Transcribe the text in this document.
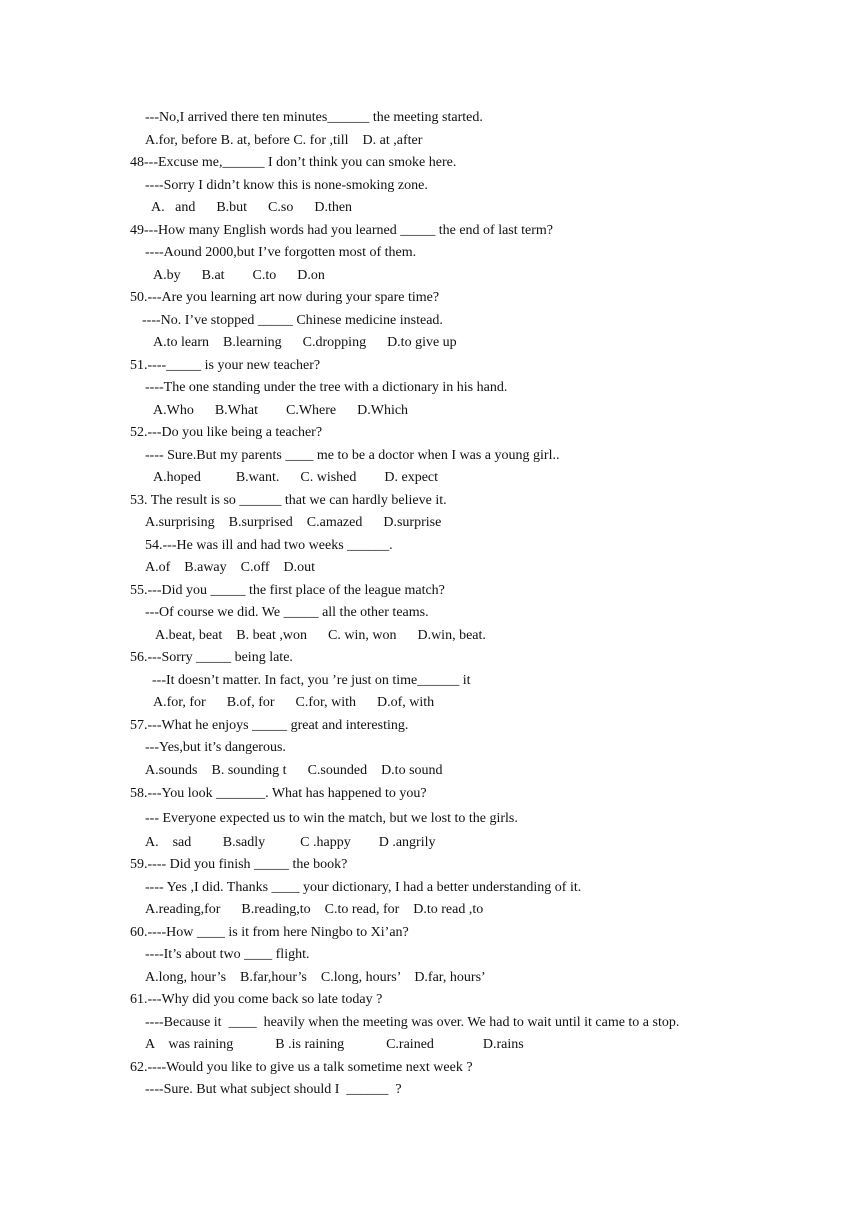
---No,I arrived there ten minutes______ the meeting started.
A.for, before B. at, before C. for ,till    D. at ,after
48---Excuse me,______ I don’t think you can smoke here.
----Sorry I didn’t know this is none-smoking zone.
A.   and      B.but      C.so      D.then
49---How many English words had you learned _____ the end of last term?
----Aound 2000,but I’ve forgotten most of them.
A.by      B.at        C.to      D.on
50.---Are you learning art now during your spare time?
----No. I’ve stopped _____ Chinese medicine instead.
A.to learn    B.learning      C.dropping      D.to give up
51.----_____ is your new teacher?
----The one standing under the tree with a dictionary in his hand.
A.Who      B.What        C.Where      D.Which
52.---Do you like being a teacher?
---- Sure.But my parents ____ me to be a doctor when I was a young girl..
A.hoped          B.want.      C. wished        D. expect
53. The result is so ______ that we can hardly believe it.
A.surprising    B.surprised    C.amazed      D.surprise
54.---He was ill and had two weeks ______.
A.of    B.away    C.off    D.out
55.---Did you _____ the first place of the league match?
---Of course we did. We _____ all the other teams.
A.beat, beat    B. beat ,won      C. win, won      D.win, beat.
56.---Sorry _____ being late.
---It doesn’t matter. In fact, you ’re just on time______ it
A.for, for      B.of, for      C.for, with      D.of, with
57.---What he enjoys _____ great and interesting.
---Yes,but it’s dangerous.
A.sounds    B. sounding t      C.sounded    D.to sound
58.---You look _______. What has happened to you?
--- Everyone expected us to win the match, but we lost to the girls.
A.    sad         B.sadly          C .happy        D .angrily
59.---- Did you finish _____ the book?
---- Yes ,I did. Thanks ____ your dictionary, I had a better understanding of it.
A.reading,for      B.reading,to    C.to read, for    D.to read ,to
60.----How ____ is it from here Ningbo to Xi’an?
----It’s about two ____ flight.
A.long, hour’s    B.far,hour’s    C.long, hours’    D.far, hours’
61.---Why did you come back so late today ?
----Because it  ____  heavily when the meeting was over. We had to wait until it came to a stop.
A    was raining            B .is raining            C.rained              D.rains
62.----Would you like to give us a talk sometime next week ?
----Sure. But what subject should I  ______  ?
